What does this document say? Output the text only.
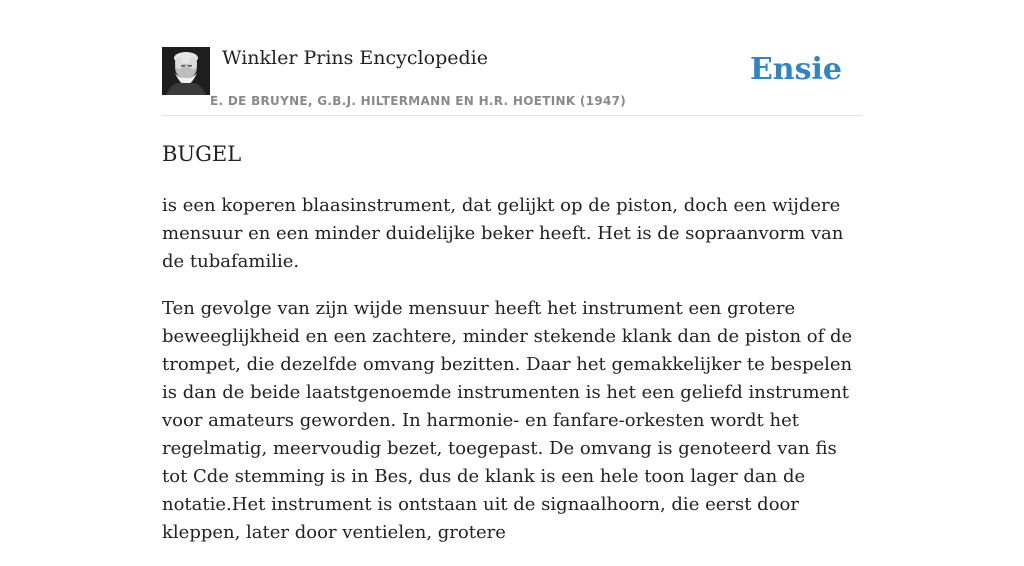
Winkler Prins Encyclopedie
E. DE BRUYNE, G.B.J. HILTERMANN EN H.R. HOETINK (1947)
Ensie
BUGEL

is een koperen blaasinstrument, dat gelijkt op de piston, doch een wijdere mensuur en een minder duidelijke beker heeft. Het is de sopraanvorm van de tubafamilie.

Ten gevolge van zijn wijde mensuur heeft het instrument een grotere beweeglijkheid en een zachtere, minder stekende klank dan de piston of de trompet, die dezelfde omvang bezitten. Daar het gemakkelijker te bespelen is dan de beide laatstgenoemde instrumenten is het een geliefd instrument voor amateurs geworden. In harmonie- en fanfare-orkesten wordt het regelmatig, meervoudig bezet, toegepast. De omvang is genoteerd van fis tot Cde stemming is in Bes, dus de klank is een hele toon lager dan de notatie.Het instrument is ontstaan uit de signaalhoorn, die eerst door kleppen, later door ventielen, grotere
